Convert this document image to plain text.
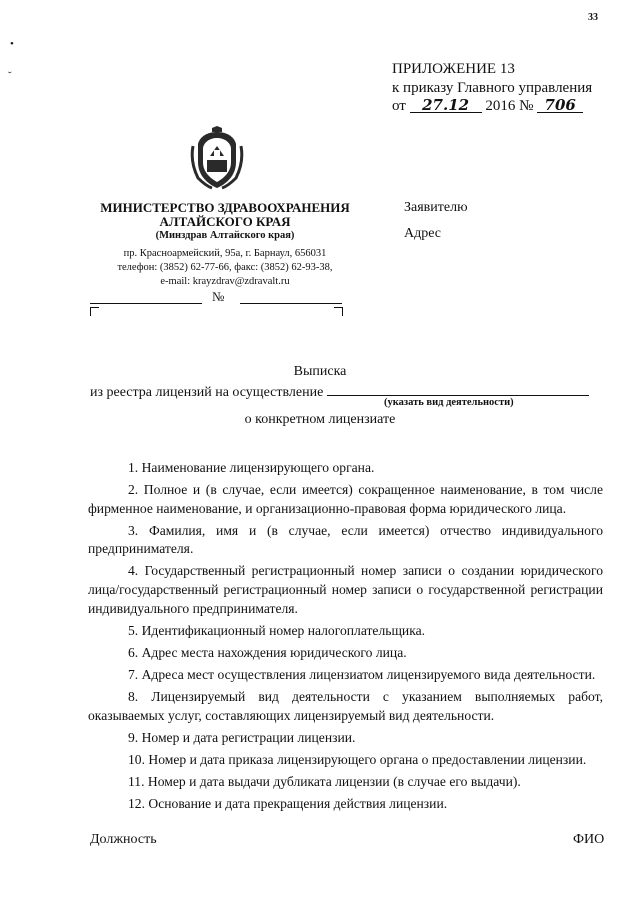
33
•
˘	ПРИЛОЖЕНИЕ 13
к приказу Главного управления
от 27.12 2016 № 706
МИНИСТЕРСТВО ЗДРАВООХРАНЕНИЯ
АЛТАЙСКОГО КРАЯ
(Минздрав Алтайского края)
пр. Красноармейский, 95а, г. Барнаул, 656031
телефон: (3852) 62-77-66, факс: (3852) 62-93-38,
e-mail: krayzdrav@zdravalt.ru
№
Заявителю
Адрес
Выписка
из реестра лицензий на осуществление
(указать вид деятельности)
о конкретном лицензиате

1. Наименование лицензирующего органа.

2. Полное и (в случае, если имеется) сокращенное наименование, в том числе фирменное наименование, и организационно-правовая форма юридического лица.

3. Фамилия, имя и (в случае, если имеется) отчество индивидуального предпринимателя.

4. Государственный регистрационный номер записи о создании юридического лица/государственный регистрационный номер записи о государственной регистрации индивидуального предпринимателя.

5. Идентификационный номер налогоплательщика.

6. Адрес места нахождения юридического лица.

7. Адреса мест осуществления лицензиатом лицензируемого вида деятельности.

8. Лицензируемый вид деятельности с указанием выполняемых работ, оказываемых услуг, составляющих лицензируемый вид деятельности.

9. Номер и дата регистрации лицензии.

10. Номер и дата приказа лицензирующего органа о предоставлении лицензии.

11. Номер и дата выдачи дубликата лицензии (в случае его выдачи).

12. Основание и дата прекращения действия лицензии.

Должность	ФИО
